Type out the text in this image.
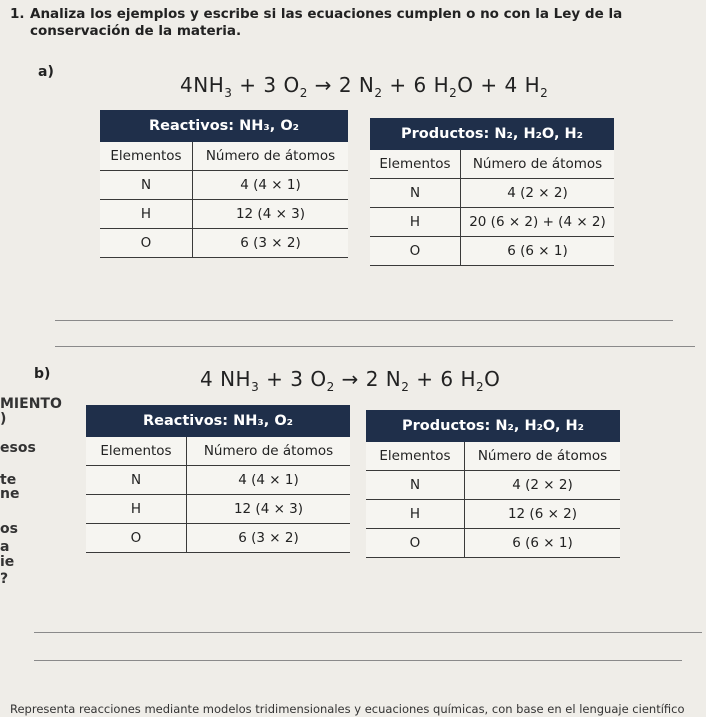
1. Analiza los ejemplos y escribe si las ecuaciones cumplen o no con la Ley de la
conservación de la materia.
a)
$4NH_3 + 3$ $O_2 \to 2$ $N_2 + 6$ $H_2O + 4$ $H_2$
Reactivos: NH₃, O₂	
Elementos	Número de átomos
N	4 (4 × 1)
H	12 (4 × 3)
O	6 (3 × 2)
Productos: N₂, H₂O, H₂	
Elementos	Número de átomos
N	4 (2 × 2)
H	20 (6 × 2) + (4 × 2)
O	6 (6 × 1)
b)	4 $NH_3 + 3$ $O_2 \to 2$ $N_2 + 6$ $H_2O$
MIENTO
)
esos
te
ne
os
a
ie
?
Reactivos: NH₃, O₂	
Elementos	Número de átomos
N	4 (4 × 1)
H	12 (4 × 3)
O	6 (3 × 2)
Productos: N₂, H₂O, H₂	
Elementos	Número de átomos
N	4 (2 × 2)
H	12 (6 × 2)
O	6 (6 × 1)
Representa reacciones mediante modelos tridimensionales y ecuaciones químicas, con base en el lenguaje científico
